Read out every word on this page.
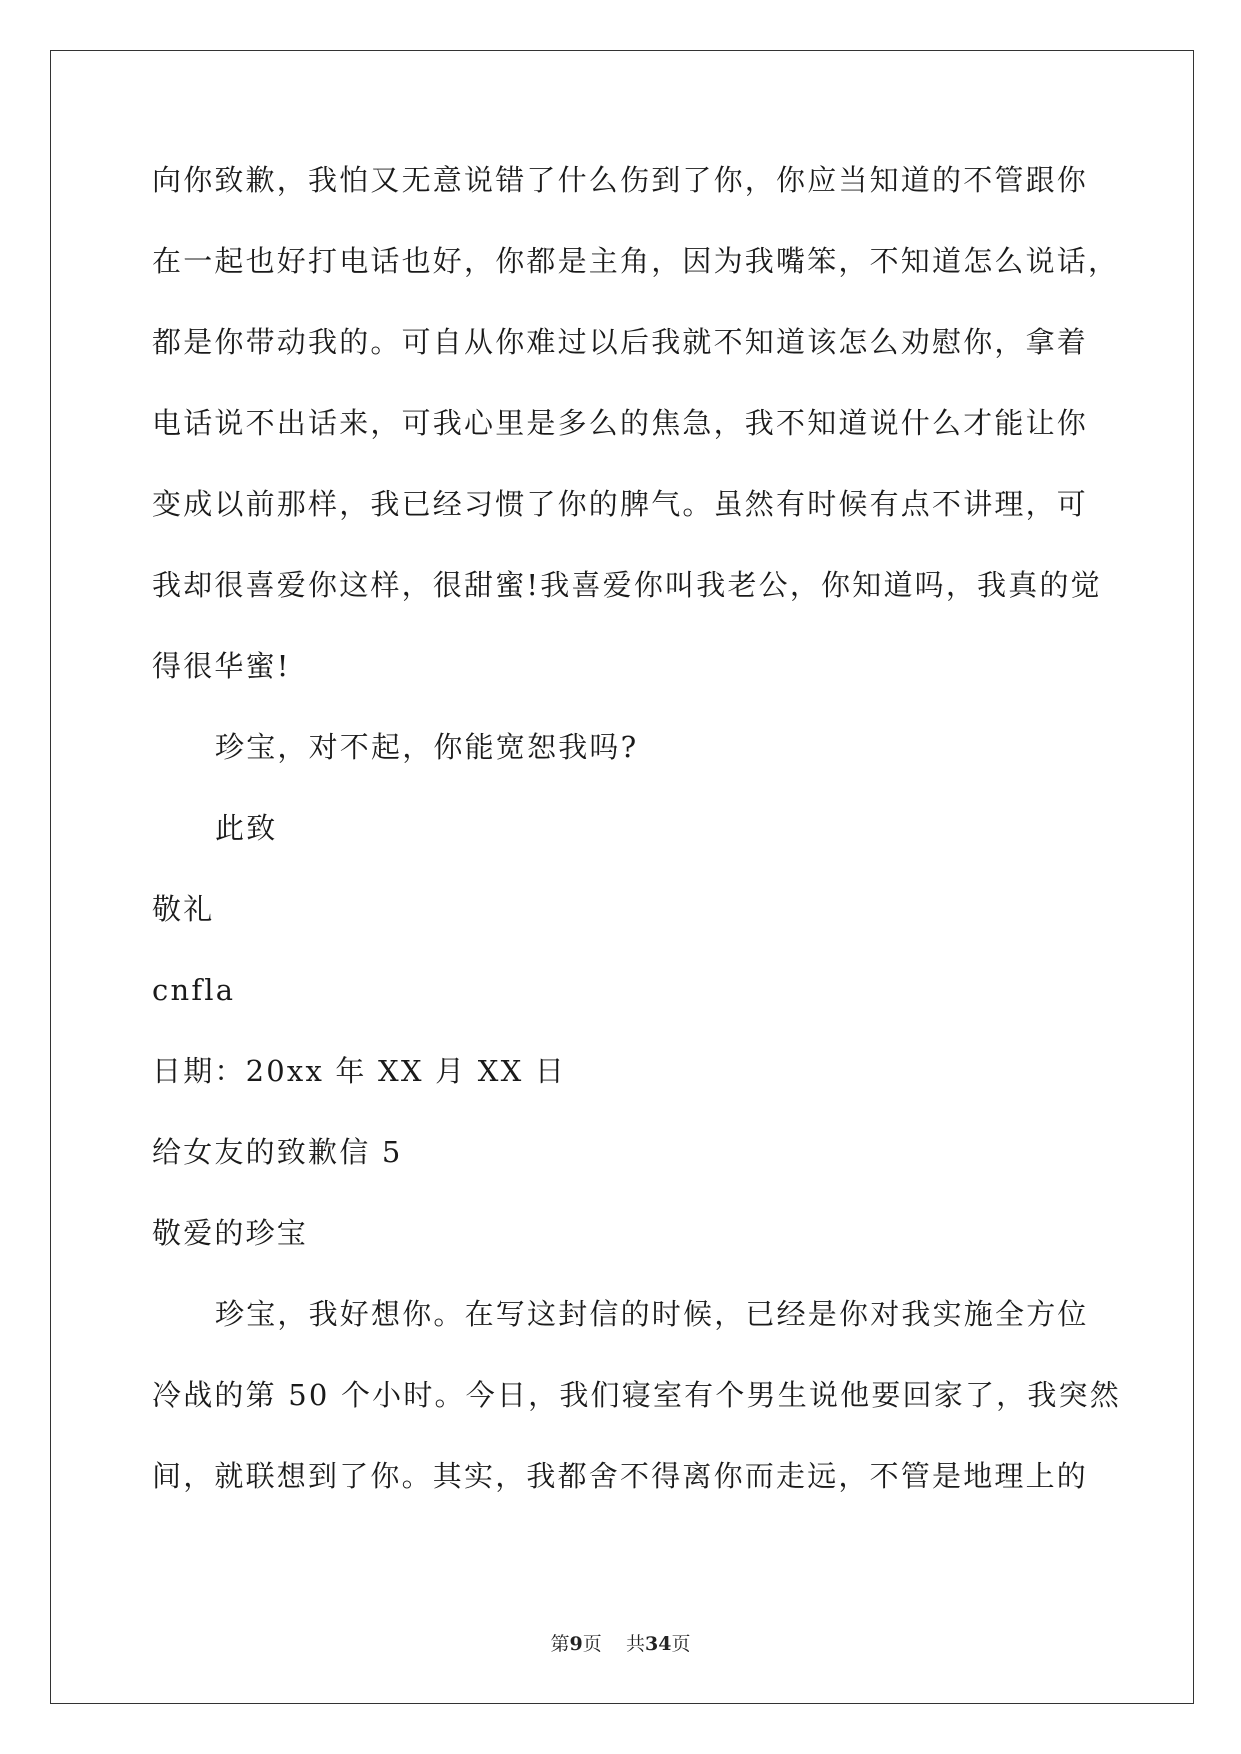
向你致歉，我怕又无意说错了什么伤到了你，你应当知道的不管跟你
在一起也好打电话也好，你都是主角，因为我嘴笨，不知道怎么说话，
都是你带动我的。可自从你难过以后我就不知道该怎么劝慰你，拿着
电话说不出话来，可我心里是多么的焦急，我不知道说什么才能让你
变成以前那样，我已经习惯了你的脾气。虽然有时候有点不讲理，可
我却很喜爱你这样，很甜蜜!我喜爱你叫我老公，你知道吗，我真的觉
得很华蜜!
珍宝，对不起，你能宽恕我吗?
此致
敬礼
cnfla
日期：20xx 年 XX 月 XX 日
给女友的致歉信 5
敬爱的珍宝
珍宝，我好想你。在写这封信的时候，已经是你对我实施全方位
冷战的第 50 个小时。今日，我们寝室有个男生说他要回家了，我突然
间，就联想到了你。其实，我都舍不得离你而走远，不管是地理上的
第9页 共34页
